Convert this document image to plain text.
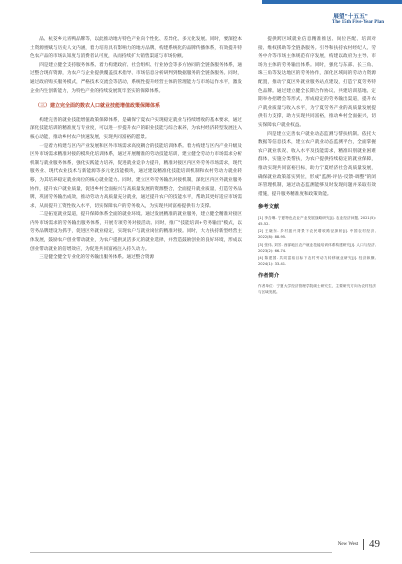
展望"十五五"
The 15th Five-Year Plan

品、杭茭乡元宵鸭品牌等，以此推动地方特色产业向个性化、差异化、多元化发展。同时，要深挖本土资源禀赋与历史人文内涵，着力培育具有影响力的地方品牌，构建系统化的品牌传播体系，有效提升特色农产品的市场认知度与消费者认可度，从而持续扩大销售渠道与市场份额。

四是建立健全支持服务体系。着力构建政府、社会组织、行业协会等多方协同的全链条服务体系，通过整合现有资源，为农户与企业提供覆盖技术指导、市场信息分析研判到数据服务的全链条服务。同时，通过政府购买服务模式，严格技术交流会等活动，系统性提升经营主体的管理能力与市场运作水平，激发企业内生创新能力，为特色产业的持续发展筑牢坚实的保障体系。

（三）建立完全面的数农人口就业技能增值政策保障体系

构建完善的就业技能增值政策保障体系，是确保宁夏农户实现稳定就业与持续增收的基本要求，通过深化技能培训的精准度与专业度，可以进一步提升农户的职业技能与综合素养，为农村经济转型发展注入核心动能，推动乡村农户快速发展，实现共同富裕的愿景。

一是着力构建与区内产业发展和区外市场需求高度耦合的技能培训体系。着力构建与区内产业升级及区外市场需求精准对接的模块化培训体系，通过开展精准的劳动技能培训，建立健全劳动力市场需求分析机制与就业服务体系，强化实践能力培养，促进就业竞争力提升，精准对接区内区外劳务市场需求，现代服务业、现代农业技术与新能源等多元化技能模块，通过建设精准化技能培训机制和农村劳动力就业转移，为其培养稳定就业岗位的核心就业能力。同时，建立区外劳务输出对接机制，深化区内区外就业服务协作，提升农户就业质量，促进乡村全面振兴与高质量发展的资源整合，全面提升就业质量，打造劳务品牌，巩固劳务输出成效，推动劳动力高质量充分就业，通过提升农户的技能水平，帮助其更好适应市场需求，从而提升工资性收入水平，切实保障农户的劳务收入，为实现共同富裕提供有力支撑。

二是拓宽就业渠道，提升保障体系全面的就业环境。通过发展精准的就业服务，建立健全精准对接区内外市场需求的劳务输出服务体系，开展专项劳务对接活动。同时，推广"技能培训+劳务输出"模式，以劳务品牌建设为抓手，促进区外就业稳定，实现农户与就业岗位的精准对接。同时，大力扶持新型经营主体发展，鼓励农户创业带动就业，为农户提供灵活多元的就业选择，并营造鼓励创业的良好环境，形成以创业带动就业的倍增效应，为促进共同富裕注入持久动力。

三是健全健全专业化的劳务输出服务体系。通过整合资源

提供跨区域就业信息精准推送、岗位匹配、培训对接、维权援助等全链条服务。引导和扶持农村经纪人、劳务中介等市场主体规范有序发展，构建以政府为主导、市场为主体的劳务输出体系。同时，强化与东部、长三角、珠三角等发达地区的劳务协作，深化区域间的劳动力资源配置，推动宁夏区外就业服务站点建设，打造宁夏劳务特色品牌。通过建立健全长期合作协议、共建培训基地、定期举办招聘会等形式，形成稳定的劳务输出渠道，提升农户就业质量与收入水平，为宁夏劳务产业的高质量发展提供有力支撑，助力实现共同富裕，推动乡村全面振兴，切实保障农户就业权益。

四是建立完善农户就业动态监测与帮扶机制。依托大数据等信息技术，建立农户就业动态监测平台，全面掌握农户就业状况、收入水平及技能需求，精准识别就业困难群体，实施分类帮扶，为农户提供持续稳定的就业保障，推动实现共同富裕目标，助力宁夏经济社会高质量发展，确保就业政策落实到位，形成"监测-评估-反馈-调整"的闭环管理机制，通过动态监测能够及时发现问题并采取有效措施，提升服务精准度和政策效能。

参考文献
[1] 李含琳. 宁夏特色农业产业发展战略研究[J]. 农业经济问题, 2021(5): 45-52.
[2] 王晓东. 乡村振兴背景下农民增收路径探析[J]. 中国农村经济, 2022(8): 88-95.
[3] 张伟, 刘芳. 西部地区农户就业技能培训体系构建研究[J]. 人口与经济, 2023(2): 66-74.
[4] 陈建国. 共同富裕目标下农村劳动力转移就业研究[J]. 经济纵横, 2024(1): 33-41.
作者简介
作者单位：宁夏大学经济管理学院硕士研究生，主要研究方向为农村经济与区域发展。
New West 49
